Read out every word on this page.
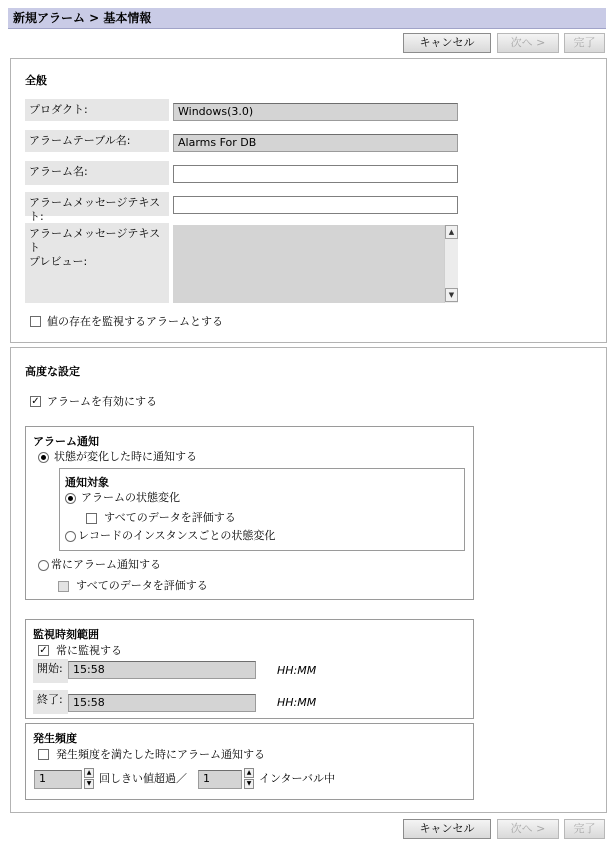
新規アラーム > 基本情報
キャンセル	次へ >	完了
全般
プロダクト:	Windows(3.0)
アラームテーブル名:	Alarms For DB
アラーム名:
アラームメッセージテキスト:
アラームメッセージテキスト
プレビュー:
▲
▼
値の存在を監視するアラームとする
高度な設定
✓ アラームを有効にする
アラーム通知
状態が変化した時に通知する
通知対象
アラームの状態変化
すべてのデータを評価する
レコードのインスタンスごとの状態変化
常にアラーム通知する
すべてのデータを評価する
監視時刻範囲
✓ 常に監視する
開始: 15:58	HH:MM
終了: 15:58	HH:MM
発生頻度
発生頻度を満たした時にアラーム通知する
1	▲
▼ 回しきい値超過／	1	▲
▼ インターバル中
キャンセル	次へ >	完了
